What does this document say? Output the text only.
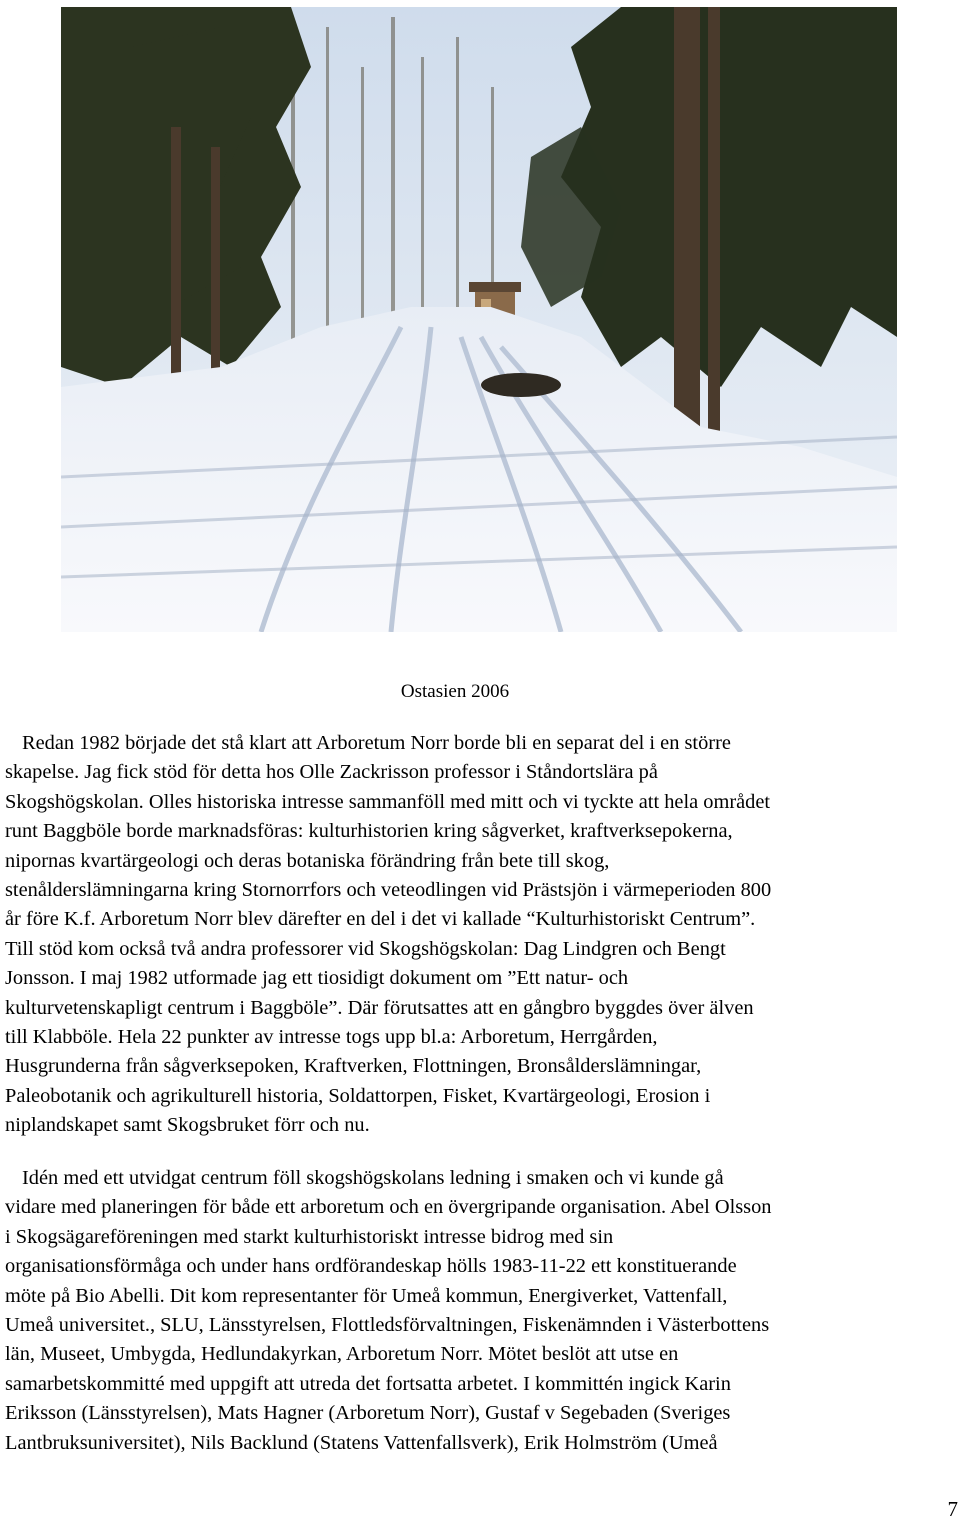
Ostasien 2006
Redan 1982 började det stå klart att Arboretum Norr borde bli en separat del i en större
skapelse. Jag fick stöd för detta hos Olle Zackrisson professor i Ståndortslära på
Skogshögskolan. Olles historiska intresse sammanföll med mitt och vi tyckte att hela området
runt Baggböle borde marknadsföras: kulturhistorien kring sågverket, kraftverksepokerna,
nipornas kvartärgeologi och deras botaniska förändring från bete till skog,
stenålderslämningarna kring Stornorrfors och veteodlingen vid Prästsjön i värmeperioden 800
år före K.f. Arboretum Norr blev därefter en del i det vi kallade “Kulturhistoriskt Centrum”.
Till stöd kom också två andra professorer vid Skogshögskolan: Dag Lindgren och Bengt
Jonsson. I maj 1982 utformade jag ett tiosidigt dokument om ”Ett natur- och
kulturvetenskapligt centrum i Baggböle”. Där förutsattes att en gångbro byggdes över älven
till Klabböle. Hela 22 punkter av intresse togs upp bl.a: Arboretum, Herrgården,
Husgrunderna från sågverksepoken, Kraftverken, Flottningen, Bronsålderslämningar,
Paleobotanik och agrikulturell historia, Soldattorpen, Fisket, Kvartärgeologi, Erosion i
niplandskapet samt Skogsbruket förr och nu.
Idén med ett utvidgat centrum föll skogshögskolans ledning i smaken och vi kunde gå
vidare med planeringen för både ett arboretum och en övergripande organisation. Abel Olsson
i Skogsägareföreningen med starkt kulturhistoriskt intresse bidrog med sin
organisationsförmåga och under hans ordförandeskap hölls 1983-11-22 ett konstituerande
möte på Bio Abelli. Dit kom representanter för Umeå kommun, Energiverket, Vattenfall,
Umeå universitet., SLU, Länsstyrelsen, Flottledsförvaltningen, Fiskenämnden i Västerbottens
län, Museet, Umbygda, Hedlundakyrkan, Arboretum Norr. Mötet beslöt att utse en
samarbetskommitté med uppgift att utreda det fortsatta arbetet. I kommittén ingick Karin
Eriksson (Länsstyrelsen), Mats Hagner (Arboretum Norr), Gustaf v Segebaden (Sveriges
Lantbruksuniversitet), Nils Backlund (Statens Vattenfallsverk), Erik Holmström (Umeå
7
